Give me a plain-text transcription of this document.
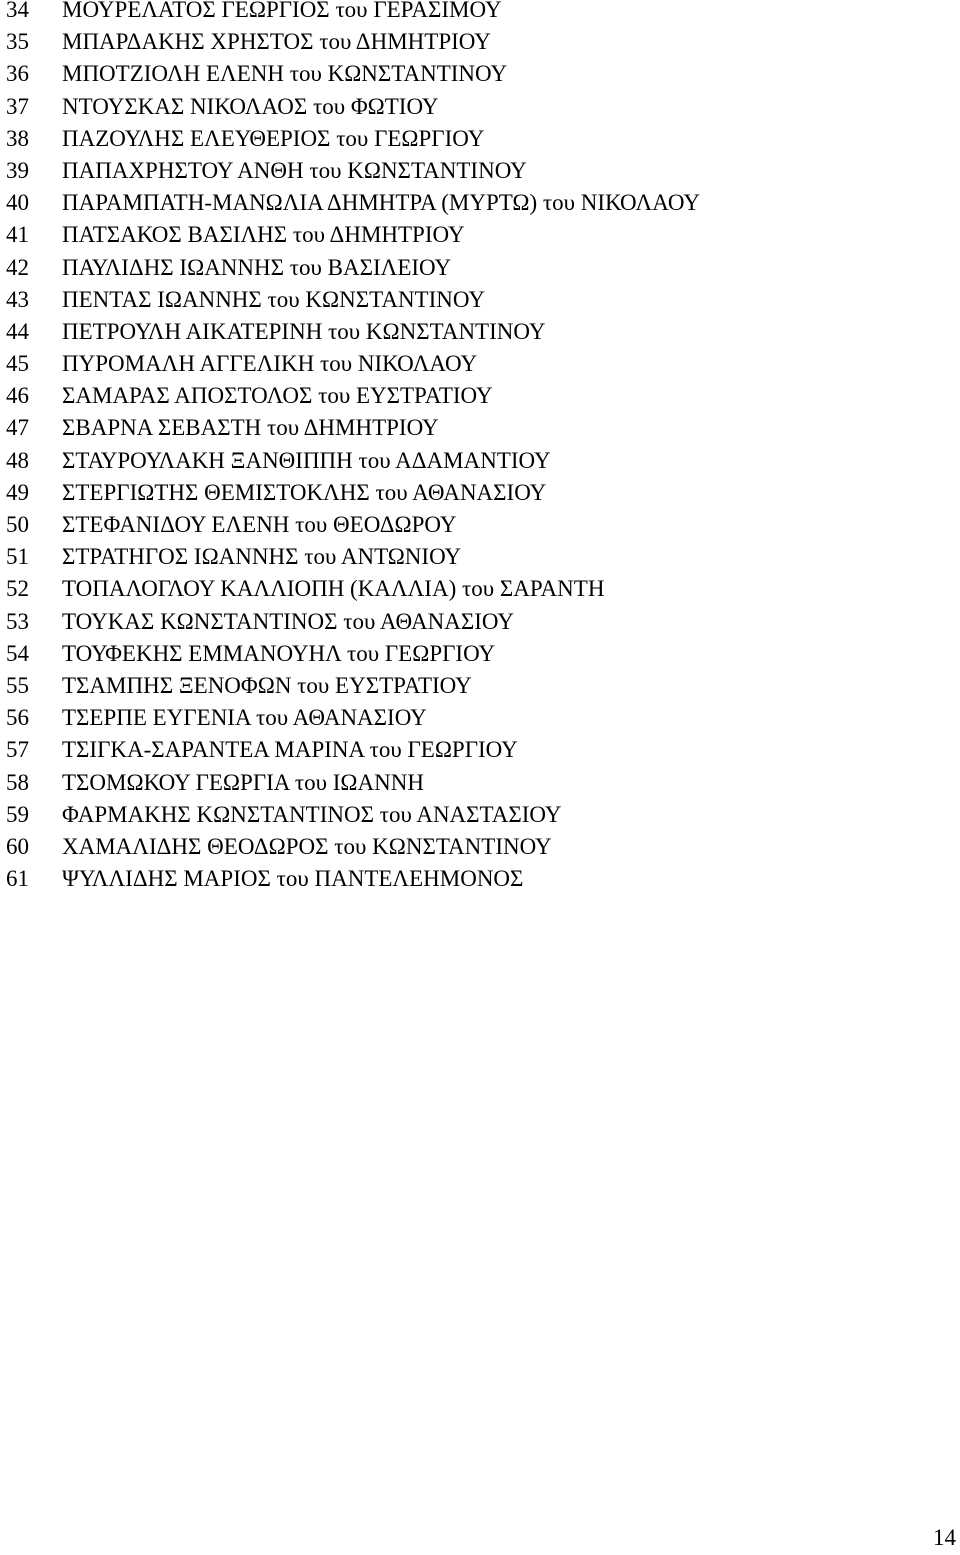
34	ΜΟΥΡΕΛΑΤΟΣ ΓΕΩΡΓΙΟΣ του ΓΕΡΑΣΙΜΟΥ
35	ΜΠΑΡΔΑΚΗΣ ΧΡΗΣΤΟΣ του ΔΗΜΗΤΡΙΟΥ
36	ΜΠΟΤΖΙΟΛΗ ΕΛΕΝΗ του ΚΩΝΣΤΑΝΤΙΝΟΥ
37	ΝΤΟΥΣΚΑΣ ΝΙΚΟΛΑΟΣ του ΦΩΤΙΟΥ
38	ΠΑΖΟΥΛΗΣ ΕΛΕΥΘΕΡΙΟΣ του ΓΕΩΡΓΙΟΥ
39	ΠΑΠΑΧΡΗΣΤΟΥ ΑΝΘΗ του ΚΩΝΣΤΑΝΤΙΝΟΥ
40	ΠΑΡΑΜΠΑΤΗ-ΜΑΝΩΛΙΑ ΔΗΜΗΤΡΑ (ΜΥΡΤΩ) του ΝΙΚΟΛΑΟΥ
41	ΠΑΤΣΑΚΟΣ ΒΑΣΙΛΗΣ του ΔΗΜΗΤΡΙΟΥ
42	ΠΑΥΛΙΔΗΣ ΙΩΑΝΝΗΣ του ΒΑΣΙΛΕΙΟΥ
43	ΠΕΝΤΑΣ ΙΩΑΝΝΗΣ του ΚΩΝΣΤΑΝΤΙΝΟΥ
44	ΠΕΤΡΟΥΛΗ ΑΙΚΑΤΕΡΙΝΗ του ΚΩΝΣΤΑΝΤΙΝΟΥ
45	ΠΥΡΟΜΑΛΗ ΑΓΓΕΛΙΚΗ του ΝΙΚΟΛΑΟΥ
46	ΣΑΜΑΡΑΣ ΑΠΟΣΤΟΛΟΣ του ΕΥΣΤΡΑΤΙΟΥ
47	ΣΒΑΡΝΑ ΣΕΒΑΣΤΗ του ΔΗΜΗΤΡΙΟΥ
48	ΣΤΑΥΡΟΥΛΑΚΗ ΞΑΝΘΙΠΠΗ του ΑΔΑΜΑΝΤΙΟΥ
49	ΣΤΕΡΓΙΩΤΗΣ ΘΕΜΙΣΤΟΚΛΗΣ του ΑΘΑΝΑΣΙΟΥ
50	ΣΤΕΦΑΝΙΔΟΥ ΕΛΕΝΗ του ΘΕΟΔΩΡΟΥ
51	ΣΤΡΑΤΗΓΟΣ ΙΩΑΝΝΗΣ του ΑΝΤΩΝΙΟΥ
52	ΤΟΠΑΛΟΓΛΟΥ ΚΑΛΛΙΟΠΗ (ΚΑΛΛΙΑ) του ΣΑΡΑΝΤΗ
53	ΤΟΥΚΑΣ ΚΩΝΣΤΑΝΤΙΝΟΣ του ΑΘΑΝΑΣΙΟΥ
54	ΤΟΥΦΕΚΗΣ ΕΜΜΑΝΟΥΗΛ του ΓΕΩΡΓΙΟΥ
55	ΤΣΑΜΠΗΣ ΞΕΝΟΦΩΝ του ΕΥΣΤΡΑΤΙΟΥ
56	ΤΣΕΡΠΕ ΕΥΓΕΝΙΑ του ΑΘΑΝΑΣΙΟΥ
57	ΤΣΙΓΚΑ-ΣΑΡΑΝΤΕΑ ΜΑΡΙΝΑ του ΓΕΩΡΓΙΟΥ
58	ΤΣΟΜΩΚΟΥ ΓΕΩΡΓΙΑ του ΙΩΑΝΝΗ
59	ΦΑΡΜΑΚΗΣ ΚΩΝΣΤΑΝΤΙΝΟΣ του ΑΝΑΣΤΑΣΙΟΥ
60	ΧΑΜΑΛΙΔΗΣ ΘΕΟΔΩΡΟΣ του ΚΩΝΣΤΑΝΤΙΝΟΥ
61	ΨΥΛΛΙΔΗΣ ΜΑΡΙΟΣ του ΠΑΝΤΕΛΕΗΜΟΝΟΣ
14
